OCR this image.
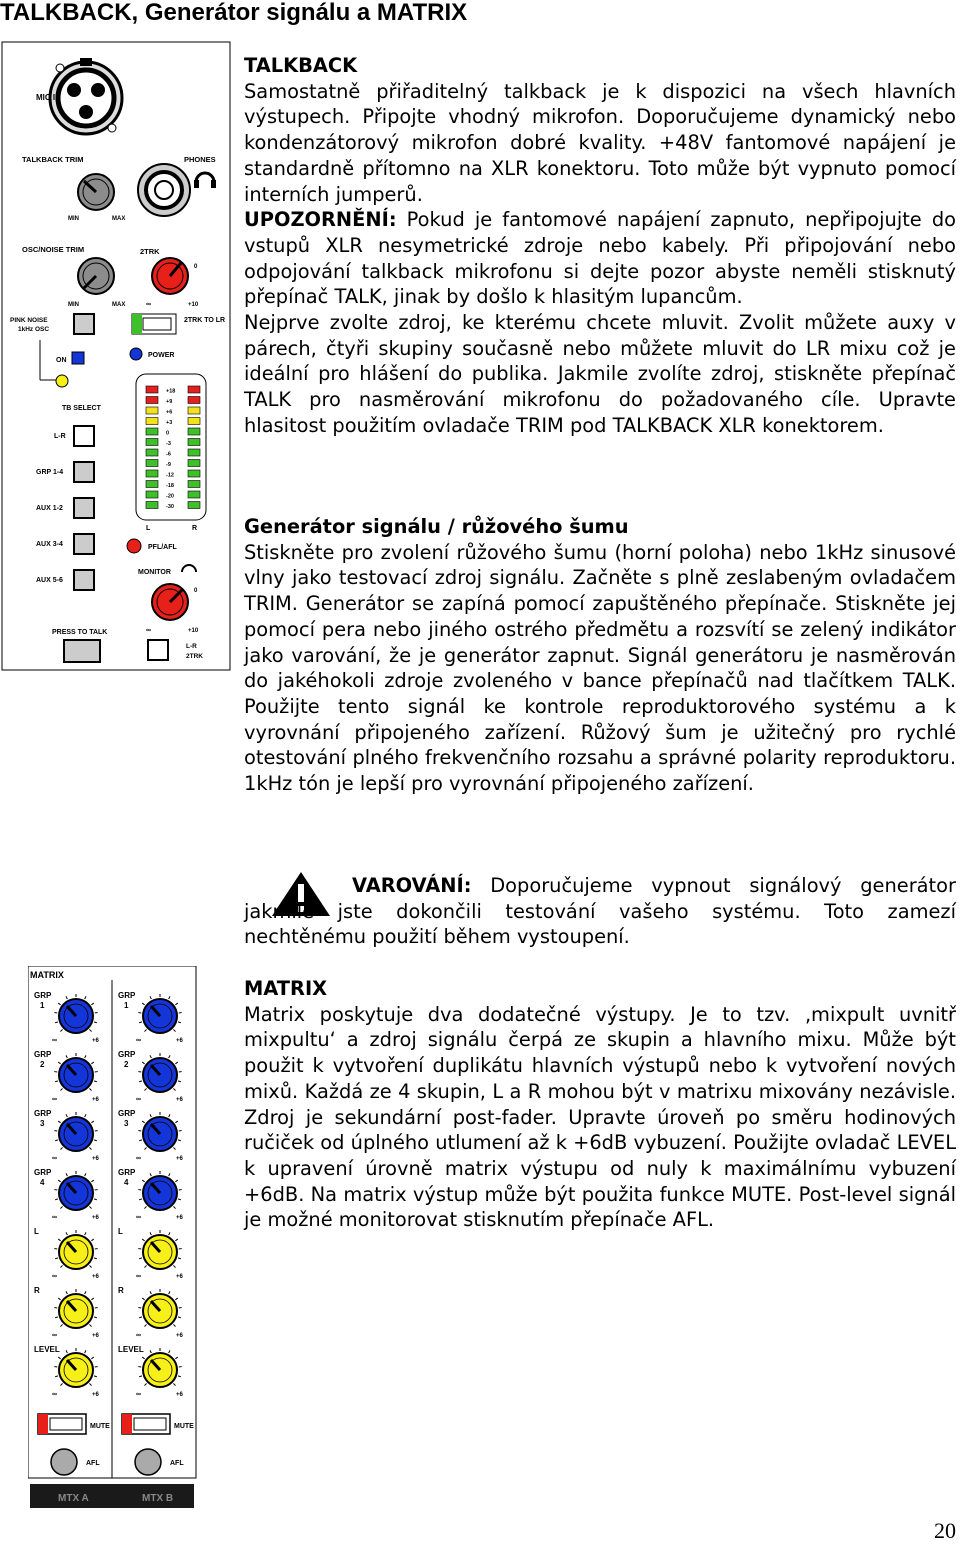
TALKBACK, Generátor signálu a MATRIX
MIC IN
TALKBACK TRIM
MIN	MAX
PHONES
OSC/NOISE TRIM
MIN	MAX
2TRK
0
∞	+10
PINK NOISE
1kHz OSC
2TRK TO LR
ON
POWER
+18
+9
+6
+3
0
-3
-6
-9
-12
-18
-20
-30
L	R
TB SELECT
L-R
GRP 1-4
AUX 1-2
AUX 3-4
AUX 5-6
PRESS TO TALK
PFL/AFL
MONITOR
0
∞	+10
L-R
2TRK
MATRIX
GRP
1
∞	+6
GRP
1
∞	+6
GRP
2
∞	+6
GRP
2
∞	+6
GRP
3
∞	+6
GRP
3
∞	+6
GRP
4
∞	+6
GRP
4
∞	+6
L
∞	+6
L
∞	+6
R
∞	+6
R
∞	+6
LEVEL
∞	+6
LEVEL
∞	+6
MUTE
AFL
MUTE
AFL
MTX A	MTX B

TALKBACK

Samostatně přiřaditelný talkback je k dispozici na všech hlavních výstupech. Připojte vhodný mikrofon. Doporučujeme dynamický nebo kondenzátorový mikrofon dobré kvality. +48V fantomové napájení je standardně přítomno na XLR konektoru. Toto může být vypnuto pomocí interních jumperů.

UPOZORNĚNÍ: Pokud je fantomové napájení zapnuto, nepřipojujte do vstupů XLR nesymetrické zdroje nebo kabely. Při připojování nebo odpojování talkback mikrofonu si dejte pozor abyste neměli stisknutý přepínač TALK, jinak by došlo k hlasitým lupancům.

Nejprve zvolte zdroj, ke kterému chcete mluvit. Zvolit můžete auxy v párech, čtyři skupiny současně nebo můžete mluvit do LR mixu což je ideální pro hlášení do publika. Jakmile zvolíte zdroj, stiskněte přepínač TALK pro nasměrování mikrofonu do požadovaného cíle. Upravte hlasitost použitím ovladače TRIM pod TALKBACK XLR konektorem.

Generátor signálu / růžového šumu

Stiskněte pro zvolení růžového šumu (horní poloha) nebo 1kHz sinusové vlny jako testovací zdroj signálu. Začněte s plně zeslabeným ovladačem TRIM. Generátor se zapíná pomocí zapuštěného přepínače. Stiskněte jej pomocí pera nebo jiného ostrého předmětu a rozsvítí se zelený indikátor jako varování, že je generátor zapnut. Signál generátoru je nasměrován do jakéhokoli zdroje zvoleného v bance přepínačů nad tlačítkem TALK. Použijte tento signál ke kontrole reproduktorového systému a k vyrovnání připojeného zařízení. Růžový šum je užitečný pro rychlé otestování plného frekvenčního rozsahu a správné polarity reproduktoru. 1kHz tón je lepší pro vyrovnání připojeného zařízení.

VAROVÁNÍ: Doporučujeme vypnout signálový generátor jakmile jste dokončili testování vašeho systému. Toto zamezí nechtěnému použití během vystoupení.

MATRIX

Matrix poskytuje dva dodatečné výstupy. Je to tzv. ‚mixpult uvnitř mixpultu‘ a zdroj signálu čerpá ze skupin a hlavního mixu. Může být použit k vytvoření duplikátu hlavních výstupů nebo k vytvoření nových mixů. Každá ze 4 skupin, L a R mohou být v matrixu mixovány nezávisle. Zdroj je sekundární post-fader. Upravte úroveň po směru hodinových ručiček od úplného utlumení až k +6dB vybuzení. Použijte ovladač LEVEL k upravení úrovně matrix výstupu od nuly k maximálnímu vybuzení +6dB. Na matrix výstup může být použita funkce MUTE. Post-level signál je možné monitorovat stisknutím přepínače AFL.

20
